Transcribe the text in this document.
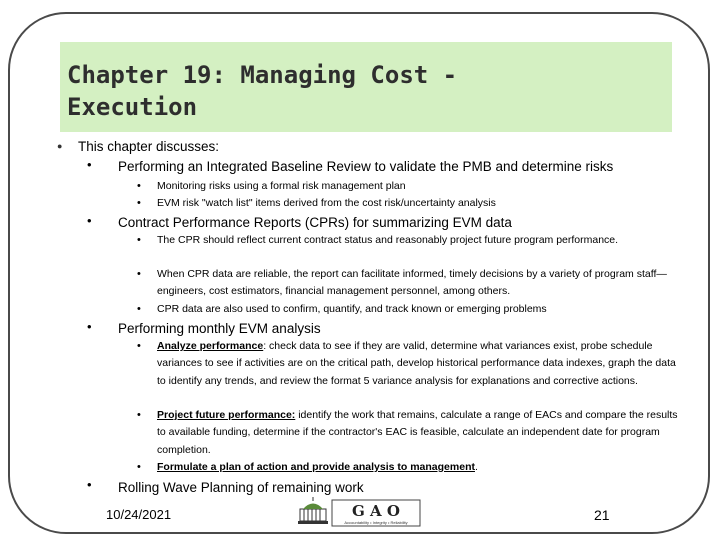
Chapter 19: Managing Cost -
Execution
● This chapter discusses:
• Performing an Integrated Baseline Review to validate the PMB and determine risks
• Monitoring risks using a formal risk management plan
• EVM risk "watch list" items derived from the cost risk/uncertainty analysis
• Contract Performance Reports (CPRs) for summarizing EVM data
• The CPR should reflect current contract status and reasonably project future program performance.
• When CPR data are reliable, the report can facilitate informed, timely decisions by a variety of program staff—engineers, cost estimators, financial management personnel, among others.
• CPR data are also used to confirm, quantify, and track known or emerging problems
• Performing monthly EVM analysis
• Analyze performance: check data to see if they are valid, determine what variances exist, probe schedule variances to see if activities are on the critical path, develop historical performance data indexes, graph the data to identify any trends, and review the format 5 variance analysis for explanations and corrective actions.
• Project future performance: identify the work that remains, calculate a range of EACs and compare the results to available funding, determine if the contractor's EAC is feasible, calculate an independent date for program completion.
• Formulate a plan of action and provide analysis to management.
• Rolling Wave Planning of remaining work
10/24/2021	G A O
Accountability • Integrity • Reliability	21
